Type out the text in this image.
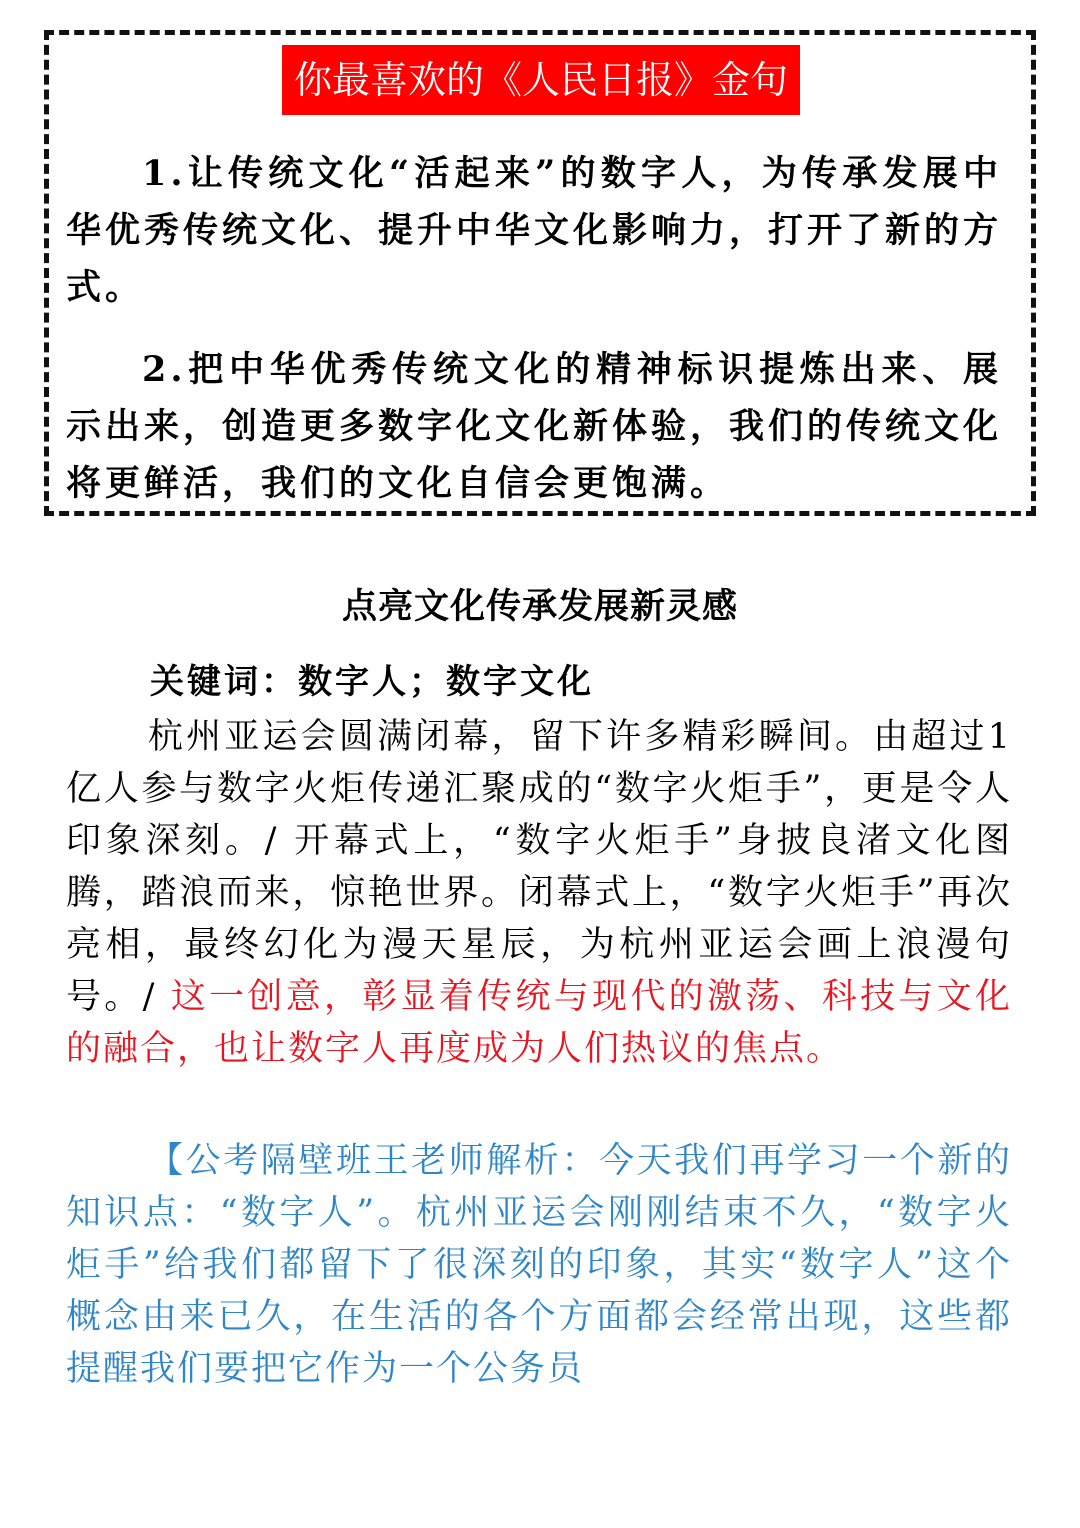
你最喜欢的《人民日报》金句

1.让传统文化“活起来”的数字人，为传承发展中华优秀传统文化、提升中华文化影响力，打开了新的方式。

2.把中华优秀传统文化的精神标识提炼出来、展示出来，创造更多数字化文化新体验，我们的传统文化将更鲜活，我们的文化自信会更饱满。

点亮文化传承发展新灵感

关键词：数字人；数字文化

杭州亚运会圆满闭幕，留下许多精彩瞬间。由超过1亿人参与数字火炬传递汇聚成的“数字火炬手”，更是令人印象深刻。/ 开幕式上，“数字火炬手”身披良渚文化图腾，踏浪而来，惊艳世界。闭幕式上，“数字火炬手”再次亮相，最终幻化为漫天星辰，为杭州亚运会画上浪漫句号。/ 这一创意，彰显着传统与现代的激荡、科技与文化的融合，也让数字人再度成为人们热议的焦点。

【公考隔壁班王老师解析：今天我们再学习一个新的知识点：“数字人”。杭州亚运会刚刚结束不久，“数字火炬手”给我们都留下了很深刻的印象，其实“数字人”这个概念由来已久，在生活的各个方面都会经常出现，这些都提醒我们要把它作为一个公务员
